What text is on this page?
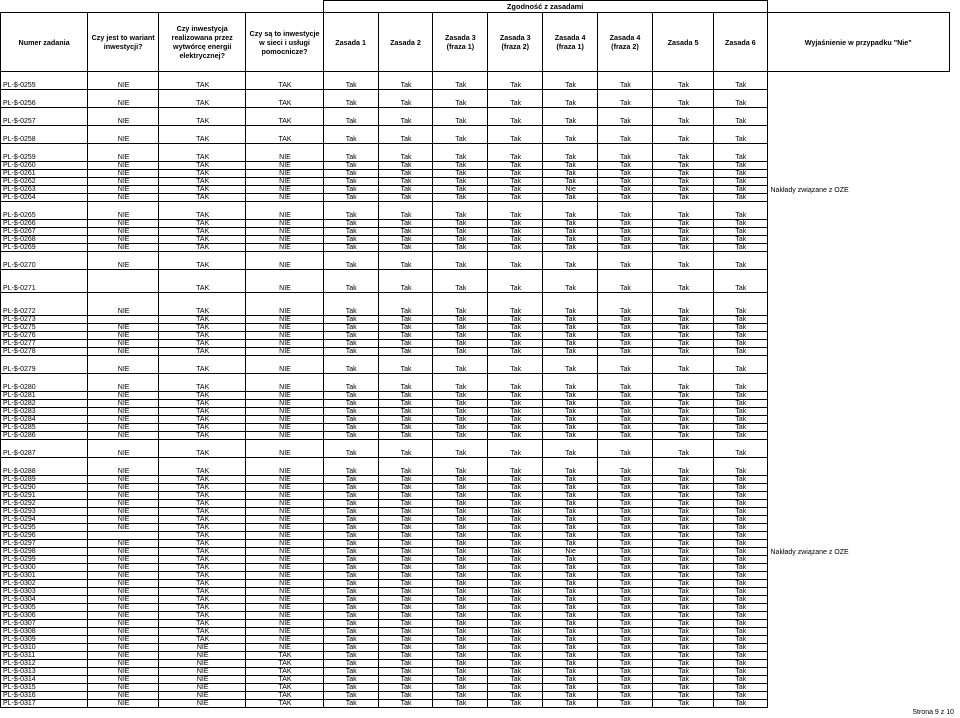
				Zgodność z zasadami								
Numer zadania	Czy jest to wariant inwestycji?	Czy inwestycja realizowana przez wytwórcę energii elektrycznej?	Czy są to inwestycje w sieci i usługi pomocnicze?	Zasada 1	Zasada 2	Zasada 3 (fraza 1)	Zasada 3 (fraza 2)	Zasada 4 (fraza 1)	Zasada 4 (fraza 2)	Zasada 5	Zasada 6	Wyjaśnienie w przypadku "Nie"
PL-$-0255	NIE	TAK	TAK	Tak	Tak	Tak	Tak	Tak	Tak	Tak	Tak	
PL-$-0256	NIE	TAK	TAK	Tak	Tak	Tak	Tak	Tak	Tak	Tak	Tak	
PL-$-0257	NIE	TAK	TAK	Tak	Tak	Tak	Tak	Tak	Tak	Tak	Tak	
PL-$-0258	NIE	TAK	TAK	Tak	Tak	Tak	Tak	Tak	Tak	Tak	Tak	
PL-$-0259	NIE	TAK	NIE	Tak	Tak	Tak	Tak	Tak	Tak	Tak	Tak	
PL-$-0260	NIE	TAK	NIE	Tak	Tak	Tak	Tak	Tak	Tak	Tak	Tak	
PL-$-0261	NIE	TAK	NIE	Tak	Tak	Tak	Tak	Tak	Tak	Tak	Tak	
PL-$-0262	NIE	TAK	NIE	Tak	Tak	Tak	Tak	Tak	Tak	Tak	Tak	
PL-$-0263	NIE	TAK	NIE	Tak	Tak	Tak	Tak	Nie	Tak	Tak	Tak	Nakłady związane z OZE
PL-$-0264	NIE	TAK	NIE	Tak	Tak	Tak	Tak	Tak	Tak	Tak	Tak	
PL-$-0265	NIE	TAK	NIE	Tak	Tak	Tak	Tak	Tak	Tak	Tak	Tak	
PL-$-0266	NIE	TAK	NIE	Tak	Tak	Tak	Tak	Tak	Tak	Tak	Tak	
PL-$-0267	NIE	TAK	NIE	Tak	Tak	Tak	Tak	Tak	Tak	Tak	Tak	
PL-$-0268	NIE	TAK	NIE	Tak	Tak	Tak	Tak	Tak	Tak	Tak	Tak	
PL-$-0269	NIE	TAK	NIE	Tak	Tak	Tak	Tak	Tak	Tak	Tak	Tak	
PL-$-0270	NIE	TAK	NIE	Tak	Tak	Tak	Tak	Tak	Tak	Tak	Tak	
PL-$-0271		TAK	NIE	Tak	Tak	Tak	Tak	Tak	Tak	Tak	Tak	
PL-$-0272	NIE	TAK	NIE	Tak	Tak	Tak	Tak	Tak	Tak	Tak	Tak	
PL-$-0273		TAK	NIE	Tak	Tak	Tak	Tak	Tak	Tak	Tak	Tak	
PL-$-0275	NIE	TAK	NIE	Tak	Tak	Tak	Tak	Tak	Tak	Tak	Tak	
PL-$-0276	NIE	TAK	NIE	Tak	Tak	Tak	Tak	Tak	Tak	Tak	Tak	
PL-$-0277	NIE	TAK	NIE	Tak	Tak	Tak	Tak	Tak	Tak	Tak	Tak	
PL-$-0278	NIE	TAK	NIE	Tak	Tak	Tak	Tak	Tak	Tak	Tak	Tak	
PL-$-0279	NIE	TAK	NIE	Tak	Tak	Tak	Tak	Tak	Tak	Tak	Tak	
PL-$-0280	NIE	TAK	NIE	Tak	Tak	Tak	Tak	Tak	Tak	Tak	Tak	
PL-$-0281	NIE	TAK	NIE	Tak	Tak	Tak	Tak	Tak	Tak	Tak	Tak	
PL-$-0282	NIE	TAK	NIE	Tak	Tak	Tak	Tak	Tak	Tak	Tak	Tak	
PL-$-0283	NIE	TAK	NIE	Tak	Tak	Tak	Tak	Tak	Tak	Tak	Tak	
PL-$-0284	NIE	TAK	NIE	Tak	Tak	Tak	Tak	Tak	Tak	Tak	Tak	
PL-$-0285	NIE	TAK	NIE	Tak	Tak	Tak	Tak	Tak	Tak	Tak	Tak	
PL-$-0286	NIE	TAK	NIE	Tak	Tak	Tak	Tak	Tak	Tak	Tak	Tak	
PL-$-0287	NIE	TAK	NIE	Tak	Tak	Tak	Tak	Tak	Tak	Tak	Tak	
PL-$-0288	NIE	TAK	NIE	Tak	Tak	Tak	Tak	Tak	Tak	Tak	Tak	
PL-$-0289	NIE	TAK	NIE	Tak	Tak	Tak	Tak	Tak	Tak	Tak	Tak	
PL-$-0290	NIE	TAK	NIE	Tak	Tak	Tak	Tak	Tak	Tak	Tak	Tak	
PL-$-0291	NIE	TAK	NIE	Tak	Tak	Tak	Tak	Tak	Tak	Tak	Tak	
PL-$-0292	NIE	TAK	NIE	Tak	Tak	Tak	Tak	Tak	Tak	Tak	Tak	
PL-$-0293	NIE	TAK	NIE	Tak	Tak	Tak	Tak	Tak	Tak	Tak	Tak	
PL-$-0294	NIE	TAK	NIE	Tak	Tak	Tak	Tak	Tak	Tak	Tak	Tak	
PL-$-0295	NIE	TAK	NIE	Tak	Tak	Tak	Tak	Tak	Tak	Tak	Tak	
PL-$-0296		TAK	NIE	Tak	Tak	Tak	Tak	Tak	Tak	Tak	Tak	
PL-$-0297	NIE	TAK	NIE	Tak	Tak	Tak	Tak	Tak	Tak	Tak	Tak	
PL-$-0298	NIE	TAK	NIE	Tak	Tak	Tak	Tak	Nie	Tak	Tak	Tak	Nakłady związane z OZE
PL-$-0299	NIE	TAK	NIE	Tak	Tak	Tak	Tak	Tak	Tak	Tak	Tak	
PL-$-0300	NIE	TAK	NIE	Tak	Tak	Tak	Tak	Tak	Tak	Tak	Tak	
PL-$-0301	NIE	TAK	NIE	Tak	Tak	Tak	Tak	Tak	Tak	Tak	Tak	
PL-$-0302	NIE	TAK	NIE	Tak	Tak	Tak	Tak	Tak	Tak	Tak	Tak	
PL-$-0303	NIE	TAK	NIE	Tak	Tak	Tak	Tak	Tak	Tak	Tak	Tak	
PL-$-0304	NIE	TAK	NIE	Tak	Tak	Tak	Tak	Tak	Tak	Tak	Tak	
PL-$-0305	NIE	TAK	NIE	Tak	Tak	Tak	Tak	Tak	Tak	Tak	Tak	
PL-$-0306	NIE	TAK	NIE	Tak	Tak	Tak	Tak	Tak	Tak	Tak	Tak	
PL-$-0307	NIE	TAK	NIE	Tak	Tak	Tak	Tak	Tak	Tak	Tak	Tak	
PL-$-0308	NIE	TAK	NIE	Tak	Tak	Tak	Tak	Tak	Tak	Tak	Tak	
PL-$-0309	NIE	TAK	NIE	Tak	Tak	Tak	Tak	Tak	Tak	Tak	Tak	
PL-$-0310	NIE	NIE	NIE	Tak	Tak	Tak	Tak	Tak	Tak	Tak	Tak	
PL-$-0311	NIE	NIE	TAK	Tak	Tak	Tak	Tak	Tak	Tak	Tak	Tak	
PL-$-0312	NIE	NIE	TAK	Tak	Tak	Tak	Tak	Tak	Tak	Tak	Tak	
PL-$-0313	NIE	NIE	TAK	Tak	Tak	Tak	Tak	Tak	Tak	Tak	Tak	
PL-$-0314	NIE	NIE	TAK	Tak	Tak	Tak	Tak	Tak	Tak	Tak	Tak	
PL-$-0315	NIE	NIE	TAK	Tak	Tak	Tak	Tak	Tak	Tak	Tak	Tak	
PL-$-0316	NIE	NIE	TAK	Tak	Tak	Tak	Tak	Tak	Tak	Tak	Tak	
PL-$-0317	NIE	NIE	TAK	Tak	Tak	Tak	Tak	Tak	Tak	Tak	Tak	
Strona 9 z 10
